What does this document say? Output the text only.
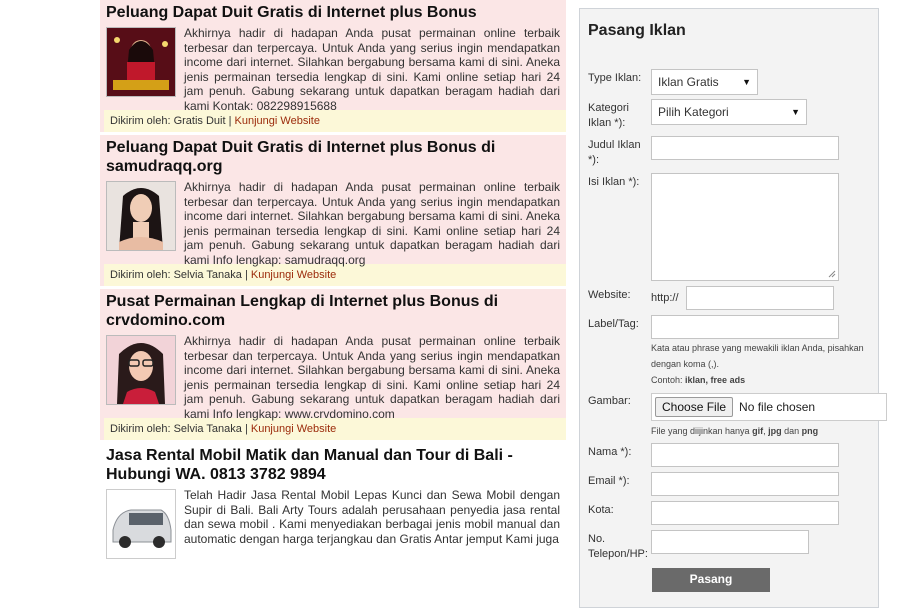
Peluang Dapat Duit Gratis di Internet plus Bonus
Akhirnya hadir di hadapan Anda pusat permainan online terbaik terbesar dan terpercaya. Untuk Anda yang serius ingin mendapatkan income dari internet. Silahkan bergabung bersama kami di sini. Aneka jenis permainan tersedia lengkap di sini. Kami online setiap hari 24 jam penuh. Gabung sekarang untuk dapatkan beragam hadiah dari kami Kontak: 082298915688
Dikirim oleh: Gratis Duit | Kunjungi Website
Peluang Dapat Duit Gratis di Internet plus Bonus di samudraqq.org
Akhirnya hadir di hadapan Anda pusat permainan online terbaik terbesar dan terpercaya. Untuk Anda yang serius ingin mendapatkan income dari internet. Silahkan bergabung bersama kami di sini. Aneka jenis permainan tersedia lengkap di sini. Kami online setiap hari 24 jam penuh. Gabung sekarang untuk dapatkan beragam hadiah dari kami Info lengkap: samudraqq.org
Dikirim oleh: Selvia Tanaka | Kunjungi Website
Pusat Permainan Lengkap di Internet plus Bonus di crvdomino.com
Akhirnya hadir di hadapan Anda pusat permainan online terbaik terbesar dan terpercaya. Untuk Anda yang serius ingin mendapatkan income dari internet. Silahkan bergabung bersama kami di sini. Aneka jenis permainan tersedia lengkap di sini. Kami online setiap hari 24 jam penuh. Gabung sekarang untuk dapatkan beragam hadiah dari kami Info lengkap: www.crvdomino.com
Dikirim oleh: Selvia Tanaka | Kunjungi Website
Jasa Rental Mobil Matik dan Manual dan Tour di Bali - Hubungi WA. 0813 3782 9894
Telah Hadir Jasa Rental Mobil Lepas Kunci dan Sewa Mobil dengan Supir di Bali. Bali Arty Tours adalah perusahaan penyedia jasa rental dan sewa mobil . Kami menyediakan berbagai jenis mobil manual dan automatic dengan harga terjangkau dan Gratis Antar jemput Kami juga
Pasang Iklan
Type Iklan:	Iklan Gratis	▼
Kategori Iklan *):
Pilih Kategori	▼
Judul Iklan *):
Isi Iklan *):
Website:	http://
Label/Tag:
Kata atau phrase yang mewakili iklan Anda, pisahkan dengan koma (,).
Contoh: iklan, free ads
Gambar:	Choose File	No file chosen
File yang diijinkan hanya gif, jpg dan png
Nama *):
Email *):
Kota:
No. Telepon/HP:
Pasang
